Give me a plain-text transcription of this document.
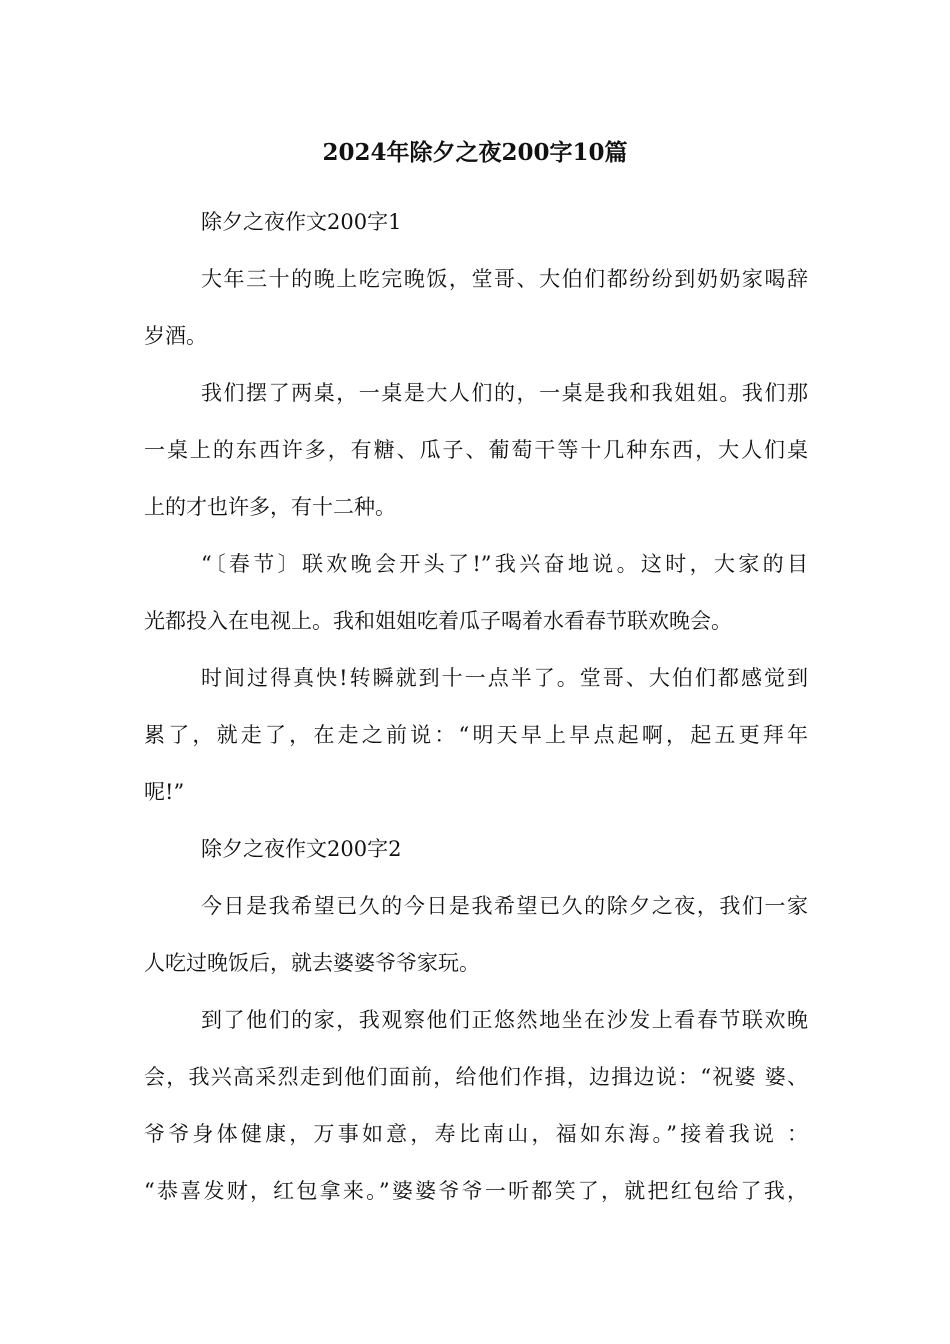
2024年除夕之夜200字10篇
除夕之夜作文200字1
大年三十的晚上吃完晚饭，堂哥、大伯们都纷纷到奶奶家喝辞
岁酒。
我们摆了两桌，一桌是大人们的，一桌是我和我姐姐。我们那
一桌上的东西许多，有糖、瓜子、葡萄干等十几种东西，大人们桌
上的才也许多，有十二种。
“〔春节〕联欢晚会开头了!”我兴奋地说。这时，大家的目
光都投入在电视上。我和姐姐吃着瓜子喝着水看春节联欢晚会。
时间过得真快!转瞬就到十一点半了。堂哥、大伯们都感觉到
累了，就走了，在走之前说：“明天早上早点起啊，起五更拜年
呢!”
除夕之夜作文200字2
今日是我希望已久的今日是我希望已久的除夕之夜，我们一家
人吃过晚饭后，就去婆婆爷爷家玩。
到了他们的家，我观察他们正悠然地坐在沙发上看春节联欢晚
会，我兴高采烈走到他们面前，给他们作揖，边揖边说：“祝婆 婆、
爷爷身体健康，万事如意，寿比南山，福如东海。”接着我说 ：
“恭喜发财，红包拿来。”婆婆爷爷一听都笑了，就把红包给了我，
